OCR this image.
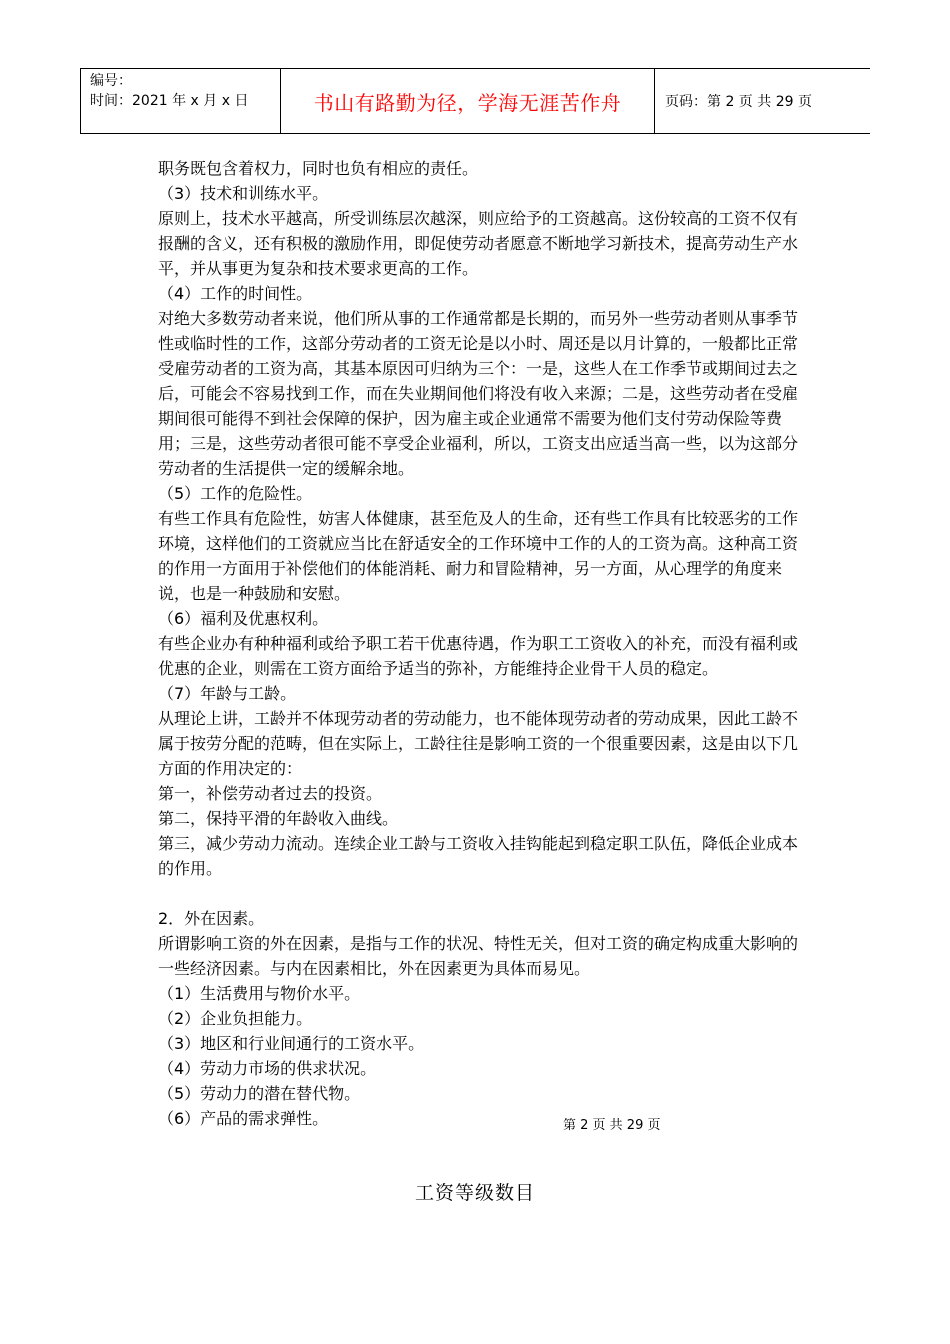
编号：
时间：2021 年 x 月 x 日	书山有路勤为径，学海无涯苦作舟	页码：第 2 页 共 29 页

职务既包含着权力，同时也负有相应的责任。

（3）技术和训练水平。

原则上，技术水平越高，所受训练层次越深，则应给予的工资越高。这份较高的工资不仅有报酬的含义，还有积极的激励作用，即促使劳动者愿意不断地学习新技术，提高劳动生产水平，并从事更为复杂和技术要求更高的工作。

（4）工作的时间性。

对绝大多数劳动者来说，他们所从事的工作通常都是长期的，而另外一些劳动者则从事季节性或临时性的工作，这部分劳动者的工资无论是以小时、周还是以月计算的，一般都比正常受雇劳动者的工资为高，其基本原因可归纳为三个：一是，这些人在工作季节或期间过去之后，可能会不容易找到工作，而在失业期间他们将没有收入来源；二是，这些劳动者在受雇期间很可能得不到社会保障的保护，因为雇主或企业通常不需要为他们支付劳动保险等费用；三是，这些劳动者很可能不享受企业福利，所以，工资支出应适当高一些，以为这部分劳动者的生活提供一定的缓解余地。

（5）工作的危险性。

有些工作具有危险性，妨害人体健康，甚至危及人的生命，还有些工作具有比较恶劣的工作环境，这样他们的工资就应当比在舒适安全的工作环境中工作的人的工资为高。这种高工资的作用一方面用于补偿他们的体能消耗、耐力和冒险精神，另一方面，从心理学的角度来说，也是一种鼓励和安慰。

（6）福利及优惠权利。

有些企业办有种种福利或给予职工若干优惠待遇，作为职工工资收入的补充，而没有福利或优惠的企业，则需在工资方面给予适当的弥补，方能维持企业骨干人员的稳定。

（7）年龄与工龄。

从理论上讲，工龄并不体现劳动者的劳动能力，也不能体现劳动者的劳动成果，因此工龄不属于按劳分配的范畴，但在实际上，工龄往往是影响工资的一个很重要因素，这是由以下几方面的作用决定的：

第一，补偿劳动者过去的投资。

第二，保持平滑的年龄收入曲线。

第三，减少劳动力流动。连续企业工龄与工资收入挂钩能起到稳定职工队伍，降低企业成本的作用。

2．外在因素。

所谓影响工资的外在因素，是指与工作的状况、特性无关，但对工资的确定构成重大影响的一些经济因素。与内在因素相比，外在因素更为具体而易见。

（1）生活费用与物价水平。

（2）企业负担能力。

（3）地区和行业间通行的工资水平。

（4）劳动力市场的供求状况。

（5）劳动力的潜在替代物。

（6）产品的需求弹性。	第 2 页 共 29 页
工资等级数目
